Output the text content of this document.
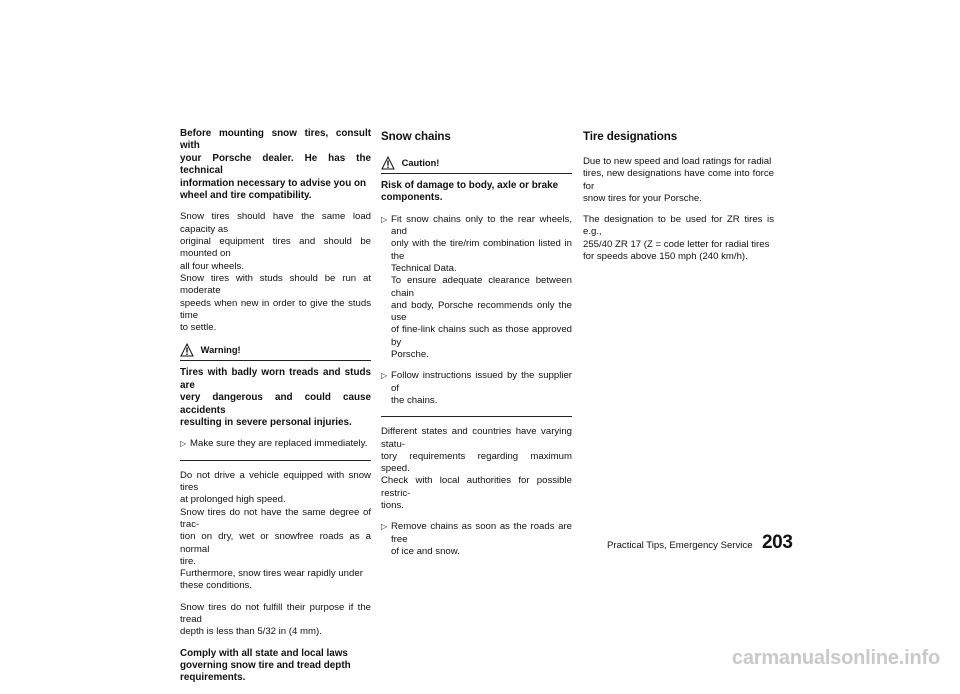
Before mounting snow tires, consult with
your Porsche dealer. He has the technical
information necessary to advise you on
wheel and tire compatibility.

Snow tires should have the same load capacity as
original equipment tires and should be mounted on
all four wheels.
Snow tires with studs should be run at moderate
speeds when new in order to give the studs time
to settle.

Warning!

Tires with badly worn treads and studs are
very dangerous and could cause accidents
resulting in severe personal injuries.

▷ Make sure they are replaced immediately.

Do not drive a vehicle equipped with snow tires
at prolonged high speed.
Snow tires do not have the same degree of trac-
tion on dry, wet or snowfree roads as a normal
tire.
Furthermore, snow tires wear rapidly under
these conditions.

Snow tires do not fulfill their purpose if the tread
depth is less than 5/32 in (4 mm).

Comply with all state and local laws
governing snow tire and tread depth
requirements.

Snow chains
Caution!

Risk of damage to body, axle or brake
components.

▷ Fit snow chains only to the rear wheels, and
only with the tire/rim combination listed in the
Technical Data.
To ensure adequate clearance between chain
and body, Porsche recommends only the use
of fine-link chains such as those approved by
Porsche.
▷ Follow instructions issued by the supplier of
the chains.

Different states and countries have varying statu-
tory requirements regarding maximum speed.
Check with local authorities for possible restric-
tions.

▷ Remove chains as soon as the roads are free
of ice and snow.
Tire designations

Due to new speed and load ratings for radial
tires, new designations have come into force for
snow tires for your Porsche.

The designation to be used for ZR tires is e.g.,
255/40 ZR 17 (Z = code letter for radial tires
for speeds above 150 mph (240 km/h).

Practical Tips, Emergency Service 203
carmanualsonline.info
